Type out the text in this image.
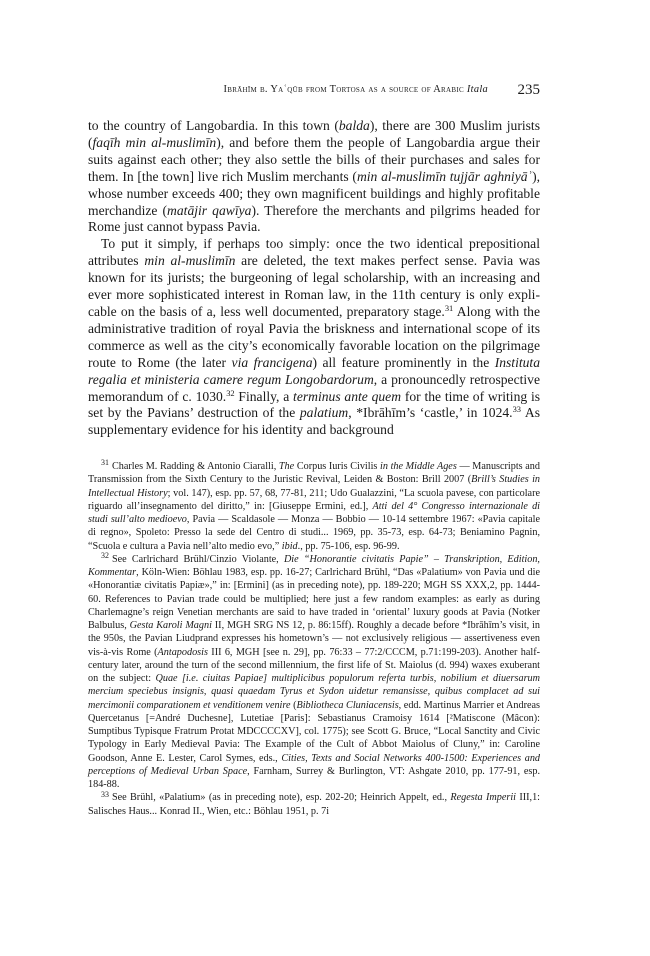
Ibrāhīm b. Yaʿqūb from Tortosa as a source of Arabic Itala 235

to the country of Langobardia. In this town (balda), there are 300 Muslim jurists (faqīh min al-muslimīn), and before them the people of Langobardia argue their suits against each other; they also settle the bills of their purchases and sales for them. In [the town] live rich Muslim merchants (min al-muslimīn tujjār aghniyāʾ), whose number exceeds 400; they own magnificent buildings and highly profitable merchandize (matājir qawīya). Therefore the merchants and pilgrims headed for Rome just cannot bypass Pavia.

To put it simply, if perhaps too simply: once the two identical prepositional attributes min al-muslimīn are deleted, the text makes perfect sense. Pavia was known for its jurists; the burgeoning of legal scholarship, with an increasing and ever more sophisticated interest in Roman law, in the 11th century is only explicable on the basis of a, less well documented, preparatory stage.$^{31}$ Along with the administrative tradition of royal Pavia the briskness and international scope of its commerce as well as the city’s economically favorable location on the pilgrimage route to Rome (the later via francigena) all feature prominently in the Instituta regalia et ministeria camere regum Longobardorum, a pronouncedly retrospective memorandum of c. 1030.32 Finally, a terminus ante quem for the time of writing is set by the Pavians’ destruction of the palatium, *Ibrāhīm’s ‘castle,’ in 1024.33 As supplementary evidence for his identity and background

$^{31}$ Charles M. Radding & Antonio Ciaralli, The Corpus Iuris Civilis in the Middle Ages — Manuscripts and Transmission from the Sixth Century to the Juristic Revival, Leiden & Boston: Brill 2007 (Brill’s Studies in Intellectual History; vol. 147), esp. pp. 57, 68, 77-81, 211; Udo Gualazzini, “La scuola pavese, con particolare riguardo all’insegnamento del diritto,” in: [Giuseppe Ermini, ed.], Atti del 4° Congresso internazionale di studi sull’alto medioevo, Pavia — Scaldasole — Monza — Bobbio — 10-14 settembre 1967: «Pavia capitale di regno», Spoleto: Presso la sede del Centro di studi... 1969, pp. 35-73, esp. 64-73; Beniamino Pagnin, “Scuola e cultura a Pavia nell’alto medio evo,” ibid., pp. 75-106, esp. 96-99.

$^{32}$ See Carlrichard Brühl/Cinzio Violante, Die “Honorantie civitatis Papie” – Transkription, Edition, Kommentar, Köln-Wien: Böhlau 1983, esp. pp. 16-27; Carlrichard Brühl, “Das «Palatium» von Pavia und die «Honorantiæ civitatis Papiæ»,” in: [Ermini] (as in preceding note), pp. 189-220; MGH SS XXX,2, pp. 1444-60. References to Pavian trade could be multiplied; here just a few random examples: as early as during Charlemagne’s reign Venetian merchants are said to have traded in ‘oriental’ luxury goods at Pavia (Notker Balbulus, Gesta Karoli Magni II, MGH SRG NS 12, p. 86:15ff). Roughly a decade before *Ibrāhīm’s visit, in the 950s, the Pavian Liudprand expresses his hometown’s — not exclusively religious — assertiveness even vis-à-vis Rome (Antapodosis III 6, MGH [see n. 29], pp. 76:33 – 77:2/CCCM, p.71:199-203). Another half-century later, around the turn of the second millennium, the first life of St. Maiolus (d. 994) waxes exuberant on the subject: Quae [i.e. ciuitas Papiae] multiplicibus populorum referta turbis, nobilium et diuersarum mercium speciebus insignis, quasi quaedam Tyrus et Sydon uidetur remansisse, quibus complacet ad sui mercimonii comparationem et venditionem venire (Bibliotheca Cluniacensis, edd. Martinus Marrier et Andreas Quercetanus [=André Duchesne], Lutetiae [Paris]: Sebastianus Cramoisy 1614 [²Matiscone (Mâcon): Sumptibus Typisque Fratrum Protat MDCCCCXV], col. 1775); see Scott G. Bruce, “Local Sanctity and Civic Typology in Early Medieval Pavia: The Example of the Cult of Abbot Maiolus of Cluny,” in: Caroline Goodson, Anne E. Lester, Carol Symes, eds., Cities, Texts and Social Networks 400-1500: Experiences and perceptions of Medieval Urban Space, Farnham, Surrey & Burlington, VT: Ashgate 2010, pp. 177-91, esp. 184-88.

$^{33}$ See Brühl, «Palatium» (as in preceding note), esp. 202-20; Heinrich Appelt, ed., Regesta Imperii III,1: Salisches Haus... Konrad II., Wien, etc.: Böhlau 1951, p. 7i
